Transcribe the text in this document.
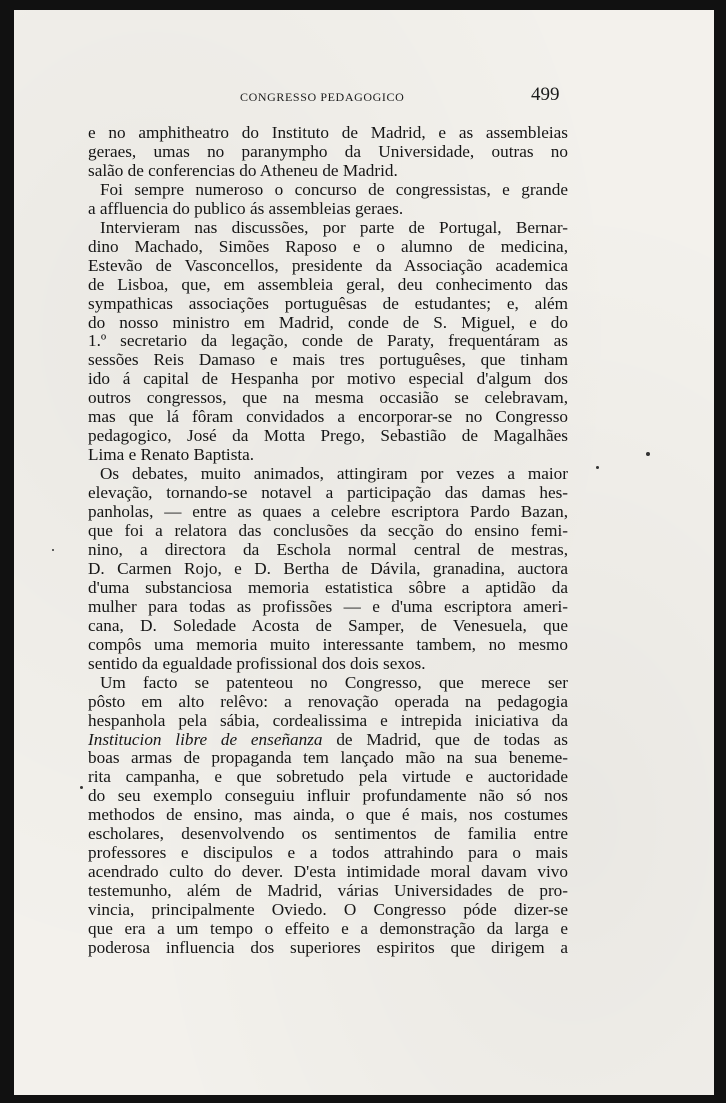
CONGRESSO PEDAGOGICO	499

e no amphitheatro do Instituto de Madrid, e as assembleias
geraes, umas no paranympho da Universidade, outras no
salão de conferencias do Atheneu de Madrid.

Foi sempre numeroso o concurso de congressistas, e grande
a affluencia do publico ás assembleias geraes.

Intervieram nas discussões, por parte de Portugal, Bernar-
dino Machado, Simões Raposo e o alumno de medicina,
Estevão de Vasconcellos, presidente da Associação academica
de Lisboa, que, em assembleia geral, deu conhecimento das
sympathicas associações portuguêsas de estudantes; e, além
do nosso ministro em Madrid, conde de S. Miguel, e do
1.º secretario da legação, conde de Paraty, frequentáram as
sessões Reis Damaso e mais tres portuguêses, que tinham
ido á capital de Hespanha por motivo especial d'algum dos
outros congressos, que na mesma occasião se celebravam,
mas que lá fôram convidados a encorporar-se no Congresso
pedagogico, José da Motta Prego, Sebastião de Magalhães
Lima e Renato Baptista.

Os debates, muito animados, attingiram por vezes a maior
elevação, tornando-se notavel a participação das damas hes-
panholas, — entre as quaes a celebre escriptora Pardo Bazan,
que foi a relatora das conclusões da secção do ensino femi-
nino, a directora da Eschola normal central de mestras,
D. Carmen Rojo, e D. Bertha de Dávila, granadina, auctora
d'uma substanciosa memoria estatistica sôbre a aptidão da
mulher para todas as profissões — e d'uma escriptora ameri-
cana, D. Soledade Acosta de Samper, de Venesuela, que
compôs uma memoria muito interessante tambem, no mesmo
sentido da egualdade profissional dos dois sexos.

Um facto se patenteou no Congresso, que merece ser
pôsto em alto relêvo: a renovação operada na pedagogia
hespanhola pela sábia, cordealissima e intrepida iniciativa da
Institucion libre de enseñanza de Madrid, que de todas as
boas armas de propaganda tem lançado mão na sua beneme-
rita campanha, e que sobretudo pela virtude e auctoridade
do seu exemplo conseguiu influir profundamente não só nos
methodos de ensino, mas ainda, o que é mais, nos costumes
escholares, desenvolvendo os sentimentos de familia entre
professores e discipulos e a todos attrahindo para o mais
acendrado culto do dever. D'esta intimidade moral davam vivo
testemunho, além de Madrid, várias Universidades de pro-
vincia, principalmente Oviedo. O Congresso póde dizer-se
que era a um tempo o effeito e a demonstração da larga e
poderosa influencia dos superiores espiritos que dirigem a
